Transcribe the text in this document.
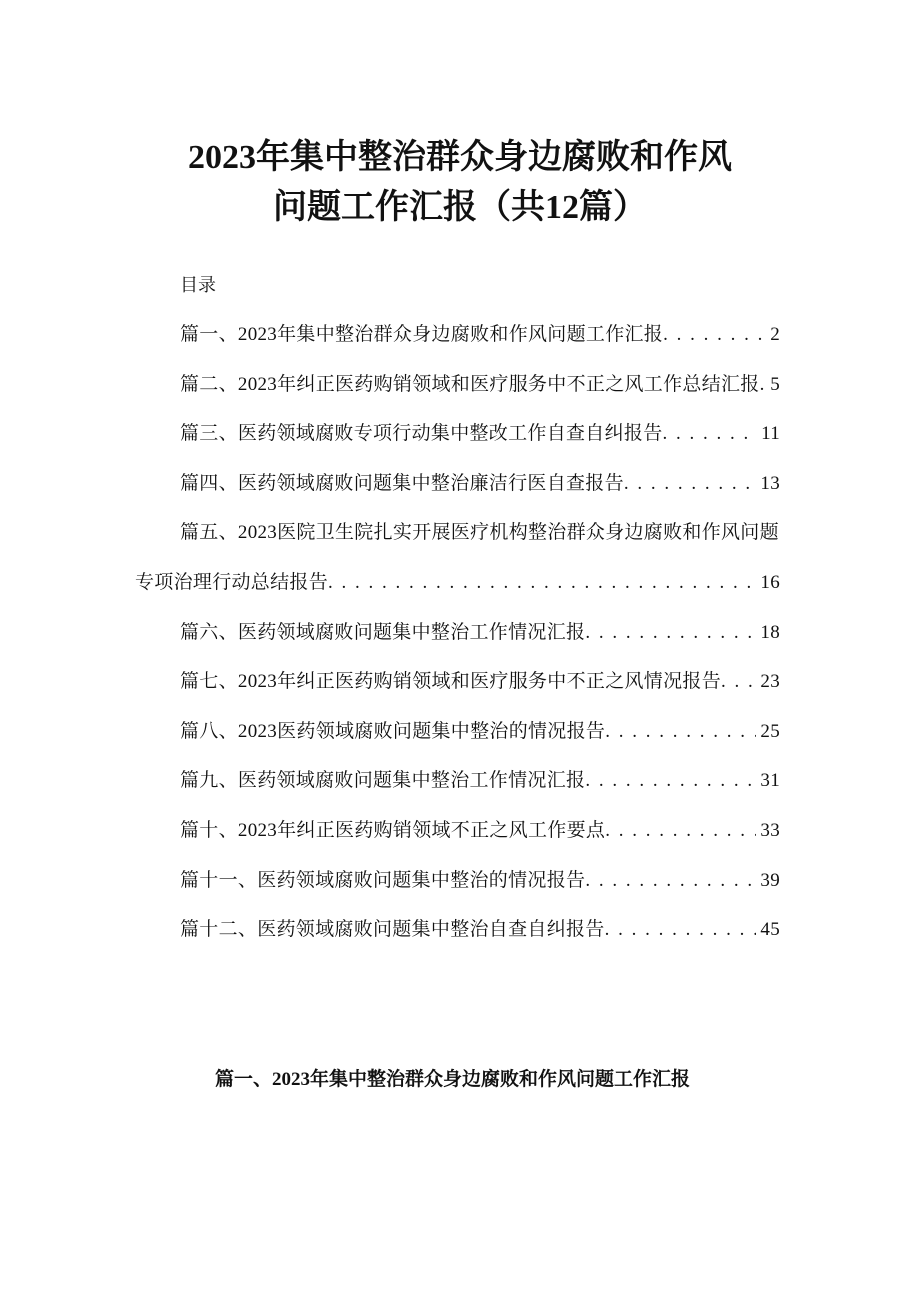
2023年集中整治群众身边腐败和作风
问题工作汇报（共12篇）
目录
篇一、2023年集中整治群众身边腐败和作风问题工作汇报 . . .	2
篇二、2023年纠正医药购销领域和医疗服务中不正之风工作总结汇报 . . . 5
篇三、医药领域腐败专项行动集中整改工作自查自纠报告 . . .	11
篇四、医药领域腐败问题集中整治廉洁行医自查报告 . . .	13
篇五、2023医院卫生院扎实开展医疗机构整治群众身边腐败和作风问题专项治理行动总结报告 . . .	16
篇六、医药领域腐败问题集中整治工作情况汇报 . . .	18
篇七、2023年纠正医药购销领域和医疗服务中不正之风情况报告 . . . 23
篇八、2023医药领域腐败问题集中整治的情况报告 . . .	25
篇九、医药领域腐败问题集中整治工作情况汇报 . . .	31
篇十、2023年纠正医药购销领域不正之风工作要点 . . .	33
篇十一、医药领域腐败问题集中整治的情况报告 . . .	39
篇十二、医药领域腐败问题集中整治自查自纠报告 . . .	45
篇一、2023年集中整治群众身边腐败和作风问题工作汇报
